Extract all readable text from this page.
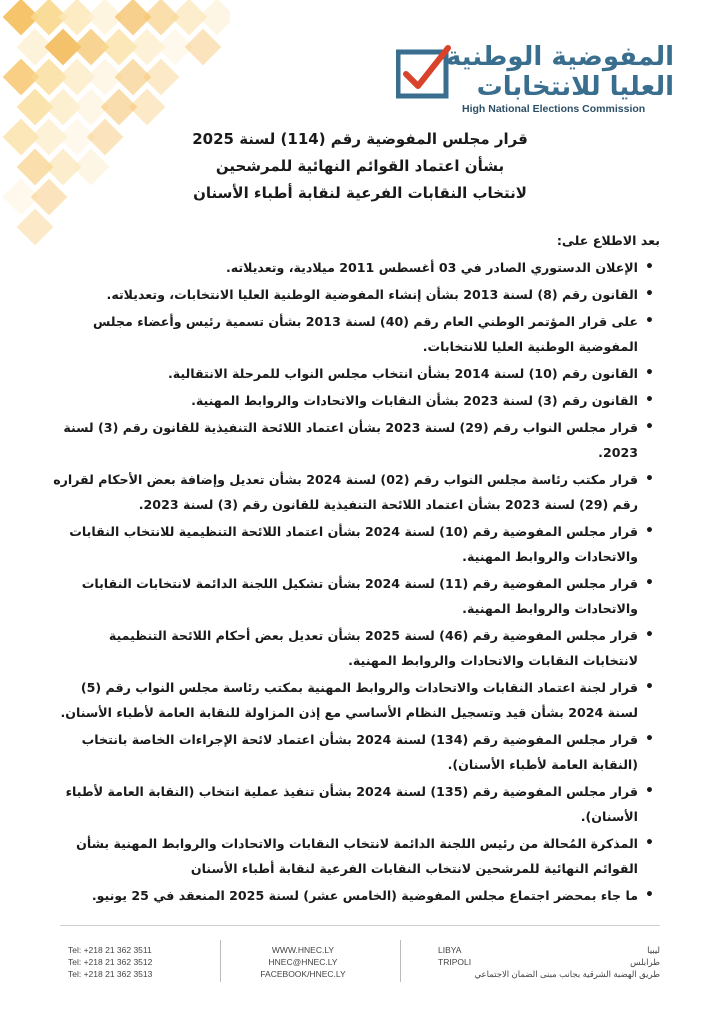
المفوضية الوطنية
العليا للانتخابات
High National Elections Commission
قرار مجلس المفوضية رقم (114) لسنة 2025
بشأن اعتماد القوائم النهائية للمرشحين
لانتخاب النقابات الفرعية لنقابة أطباء الأسنان
بعد الاطلاع على:
• الإعلان الدستوري الصادر في 03 أغسطس 2011 ميلادية، وتعديلاته.
• القانون رقم (8) لسنة 2013 بشأن إنشاء المفوضية الوطنية العليا الانتخابات، وتعديلاته.
• على قرار المؤتمر الوطني العام رقم (40) لسنة 2013 بشأن تسمية رئيس وأعضاء مجلس المفوضية الوطنية العليا للانتخابات.
• القانون رقم (10) لسنة 2014 بشأن انتخاب مجلس النواب للمرحلة الانتقالية.
• القانون رقم (3) لسنة 2023 بشأن النقابات والاتحادات والروابط المهنية.
• قرار مجلس النواب رقم (29) لسنة 2023 بشأن اعتماد اللائحة التنفيذية للقانون رقم (3) لسنة 2023.
• قرار مكتب رئاسة مجلس النواب رقم (02) لسنة 2024 بشأن تعديل وإضافة بعض الأحكام لقراره رقم (29) لسنة 2023 بشأن اعتماد اللائحة التنفيذية للقانون رقم (3) لسنة 2023.
• قرار مجلس المفوضية رقم (10) لسنة 2024 بشأن اعتماد اللائحة التنظيمية للانتخاب النقابات والاتحادات والروابط المهنية.
• قرار مجلس المفوضية رقم (11) لسنة 2024 بشأن تشكيل اللجنة الدائمة لانتخابات النقابات والاتحادات والروابط المهنية.
• قرار مجلس المفوضية رقم (46) لسنة 2025 بشأن تعديل بعض أحكام اللائحة التنظيمية لانتخابات النقابات والاتحادات والروابط المهنية.
• قرار لجنة اعتماد النقابات والاتحادات والروابط المهنية بمكتب رئاسة مجلس النواب رقم (5) لسنة 2024 بشأن قيد وتسجيل النظام الأساسي مع إذن المزاولة للنقابة العامة لأطباء الأسنان.
• قرار مجلس المفوضية رقم (134) لسنة 2024 بشأن اعتماد لائحة الإجراءات الخاصة بانتخاب (النقابة العامة لأطباء الأسنان).
• قرار مجلس المفوضية رقم (135) لسنة 2024 بشأن تنفيذ عملية انتخاب (النقابة العامة لأطباء الأسنان).
• المذكرة المُحالة من رئيس اللجنة الدائمة لانتخاب النقابات والاتحادات والروابط المهنية بشأن القوائم النهائية للمرشحين لانتخاب النقابات الفرعية لنقابة أطباء الأسنان
• ما جاء بمحضر اجتماع مجلس المفوضية (الخامس عشر) لسنة 2025 المنعقد في 25 يونيو.
Tel: +218 21 362 3511
Tel: +218 21 362 3512
Tel: +218 21 362 3513
WWW.HNEC.LY
HNEC@HNEC.LY
FACEBOOK/HNEC.LY
LIBYA
TRIPOLI
ليبيا
طرابلس
طريق الهضبة الشرقية بجانب مبنى الضمان الاجتماعي
